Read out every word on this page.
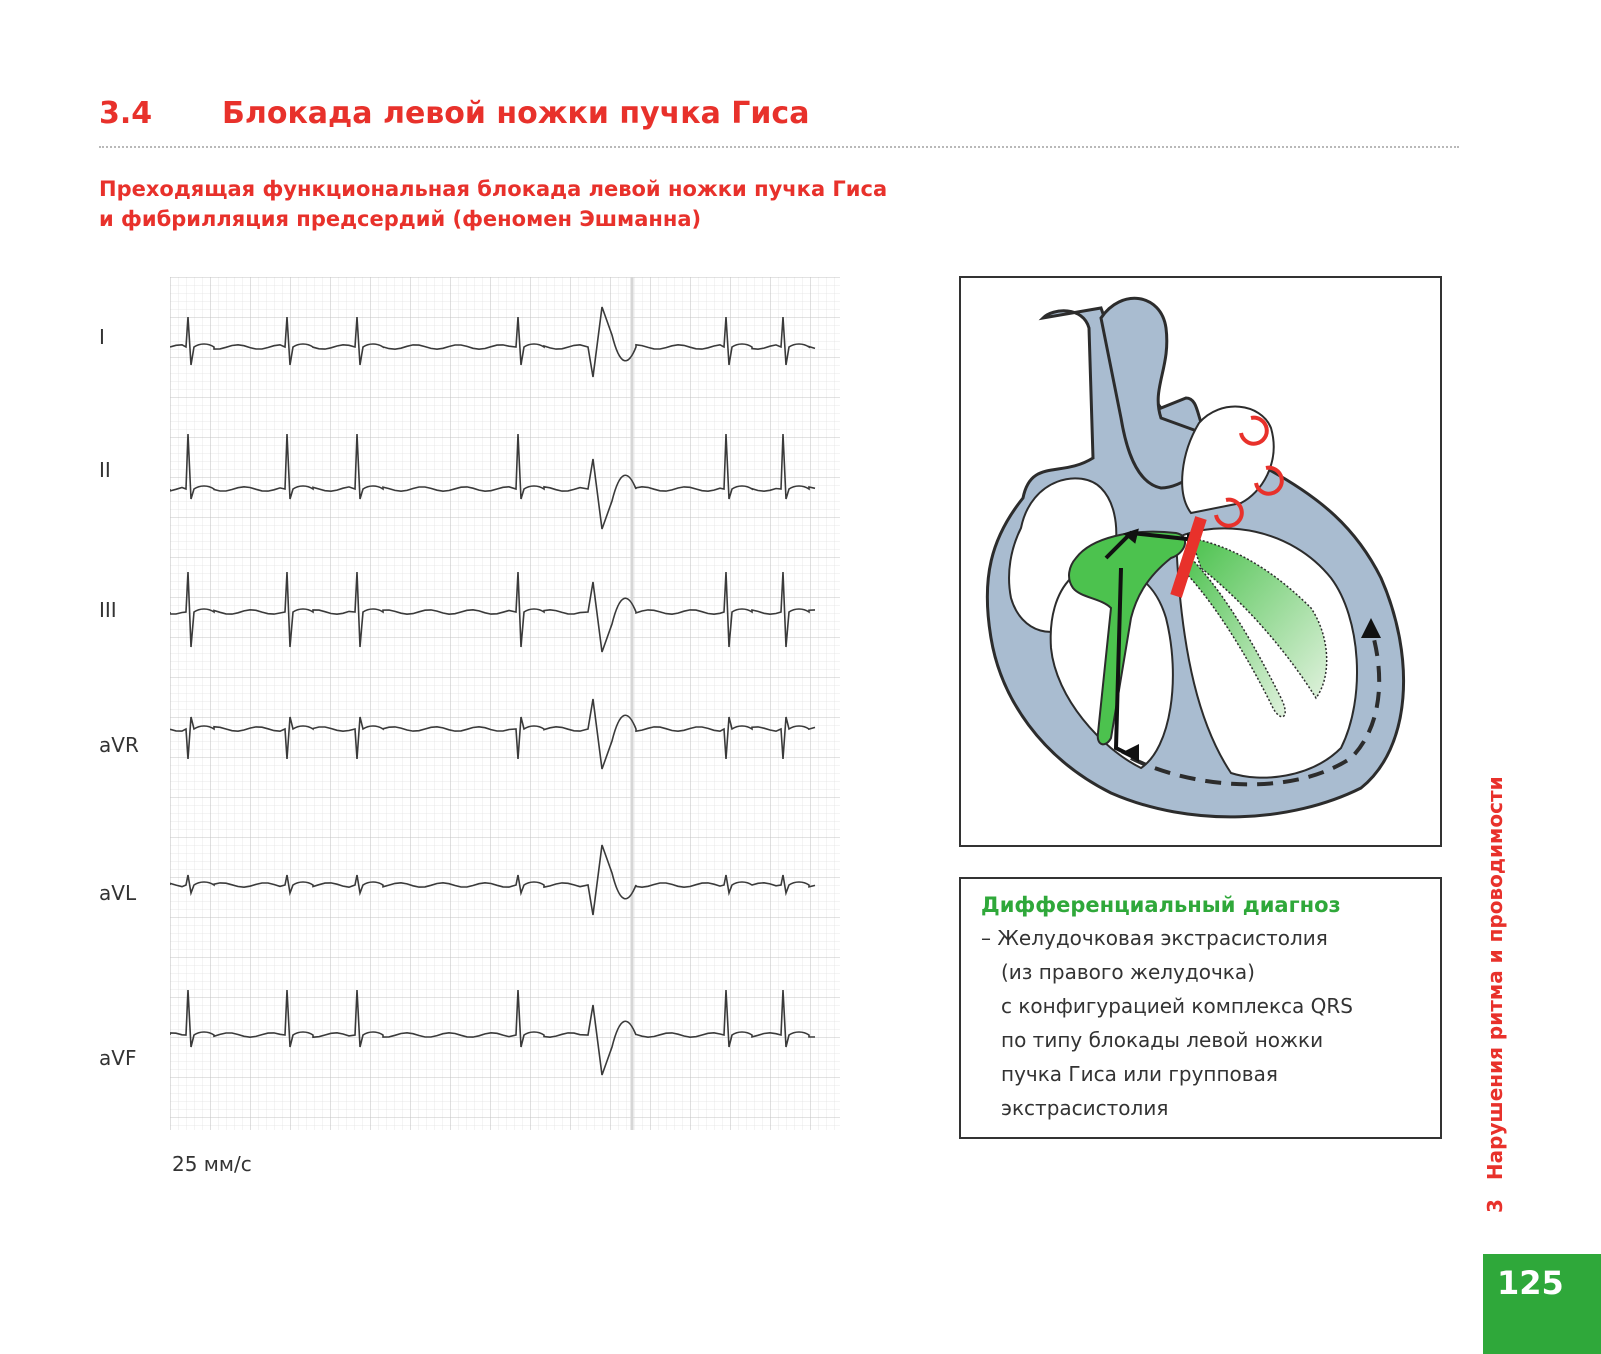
3.4 Блокада левой ножки пучка Гиса
Преходящая функциональная блокада левой ножки пучка Гиса
и фибрилляция предсердий (феномен Эшманна)
I
II
III
aVR
aVL
aVF
25 мм/с
Дифференциальный диагноз
– Желудочковая экстрасистолия
(из правого желудочка)
с конфигурацией комплекса QRS
по типу блокады левой ножки
пучка Гиса или групповая
экстрасистолия
3 Нарушения ритма и проводимости
125
